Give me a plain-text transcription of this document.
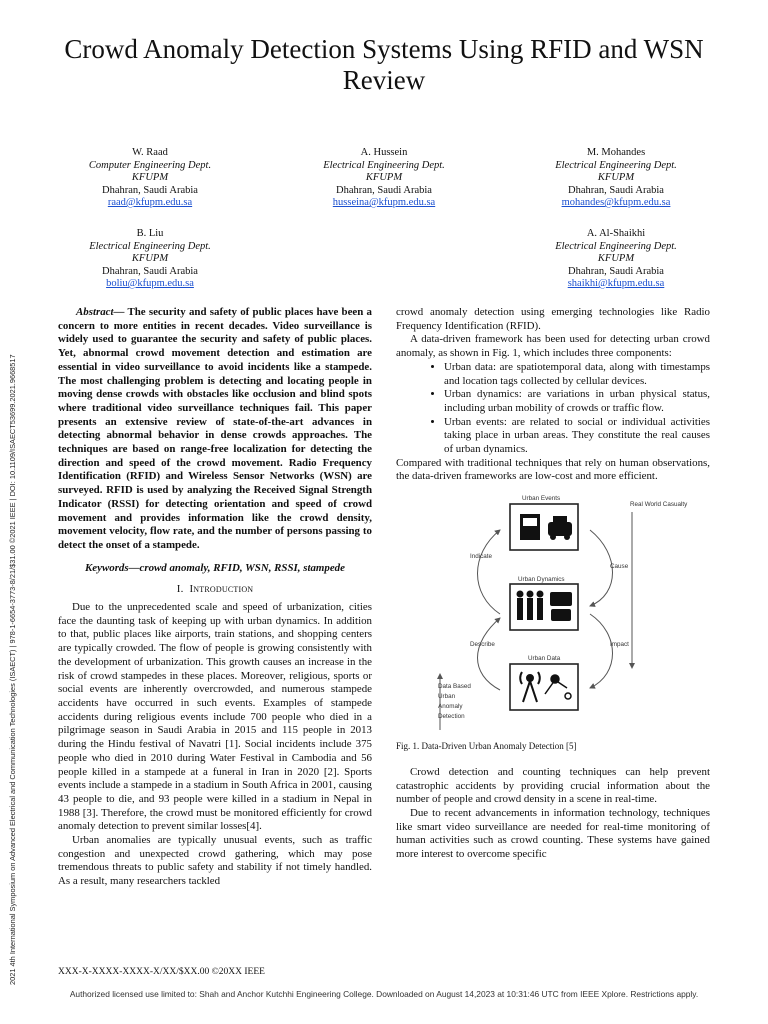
Crowd Anomaly Detection Systems Using RFID and WSN Review
W. Raad
Computer Engineering Dept.
KFUPM
Dhahran, Saudi Arabia
raad@kfupm.edu.sa
A. Hussein
Electrical Engineering Dept.
KFUPM
Dhahran, Saudi Arabia
husseina@kfupm.edu.sa
M. Mohandes
Electrical Engineering Dept.
KFUPM
Dhahran, Saudi Arabia
mohandes@kfupm.edu.sa
B. Liu
Electrical Engineering Dept.
KFUPM
Dhahran, Saudi Arabia
boliu@kfupm.edu.sa
A. Al-Shaikhi
Electrical Engineering Dept.
KFUPM
Dhahran, Saudi Arabia
shaikhi@kfupm.edu.sa
2021 4th International Symposium on Advanced Electrical and Communication Technologies (ISAECT) | 978-1-6654-3773-8/21/$31.00 ©2021 IEEE | DOI: 10.1109/ISAECT53699.2021.9668517

Abstract— The security and safety of public places have been a concern to more entities in recent decades. Video surveillance is widely used to guarantee the security and safety of public places. Yet, abnormal crowd movement detection and estimation are essential in video surveillance to avoid incidents like a stampede. The most challenging problem is detecting and locating people in moving dense crowds with obstacles like occlusion and blind spots where traditional video surveillance techniques fail. This paper presents an extensive review of state-of-the-art advances in detecting abnormal behavior in dense crowds approaches. The techniques are based on range-free localization for detecting the direction and speed of the crowd movement. Radio Frequency Identification (RFID) and Wireless Sensor Networks (WSN) are surveyed. RFID is used by analyzing the Received Signal Strength Indicator (RSSI) for detecting orientation and speed of crowd movement and provides information like the crowd density, movement velocity, flow rate, and the number of persons passing to detect the onset of a stampede.

Keywords—crowd anomaly, RFID, WSN, RSSI, stampede

I. Introduction

Due to the unprecedented scale and speed of urbanization, cities face the daunting task of keeping up with urban dynamics. In addition to that, public places like airports, train stations, and shopping centers are typically crowded. The flow of people is growing consistently with the development of urbanization. This growth causes an increase in the risk of crowd stampedes in these places. Moreover, religious, sports or social events are inherently overcrowded, and numerous stampede accidents have occurred in such events. Examples of stampede accidents during religious events include 700 people who died in a pilgrimage season in Saudi Arabia in 2015 and 115 people in 2013 during the Hindu festival of Navatri [1]. Social incidents include 375 people who died in 2010 during Water Festival in Cambodia and 56 people killed in a stampede at a funeral in Iran in 2020 [2]. Sports events include a stampede in a stadium in South Africa in 2001, causing 43 people to die, and 93 people were killed in a stadium in Nepal in 1988 [3]. Therefore, the crowd must be monitored efficiently for crowd anomaly detection to prevent similar losses[4].

Urban anomalies are typically unusual events, such as traffic congestion and unexpected crowd gathering, which may pose tremendous threats to public safety and stability if not timely handled. As a result, many researchers tackled

crowd anomaly detection using emerging technologies like Radio Frequency Identification (RFID).

A data-driven framework has been used for detecting urban crowd anomaly, as shown in Fig. 1, which includes three components:

• Urban data: are spatiotemporal data, along with timestamps and location tags collected by cellular devices.
• Urban dynamics: are variations in urban physical status, including urban mobility of crowds or traffic flow.
• Urban events: are related to social or individual activities taking place in urban areas. They constitute the real causes of urban dynamics.

Compared with traditional techniques that rely on human observations, the data-driven frameworks are low-cost and more efficient.

Urban Events
Real World Casualty
Indicate
Cause
Urban Dynamics
Describe	Impact
Urban Data
Data Based
Urban
Anomaly
Detection

Fig. 1. Data-Driven Urban Anomaly Detection [5]

Crowd detection and counting techniques can help prevent catastrophic accidents by providing crucial information about the number of people and crowd density in a scene in real-time.

Due to recent advancements in information technology, techniques like smart video surveillance are needed for real-time monitoring of human activities such as crowd counting. These systems have gained more interest to overcome specific

XXX-X-XXXX-XXXX-X/XX/$XX.00 ©20XX IEEE
Authorized licensed use limited to: Shah and Anchor Kutchhi Engineering College. Downloaded on August 14,2023 at 10:31:46 UTC from IEEE Xplore. Restrictions apply.
